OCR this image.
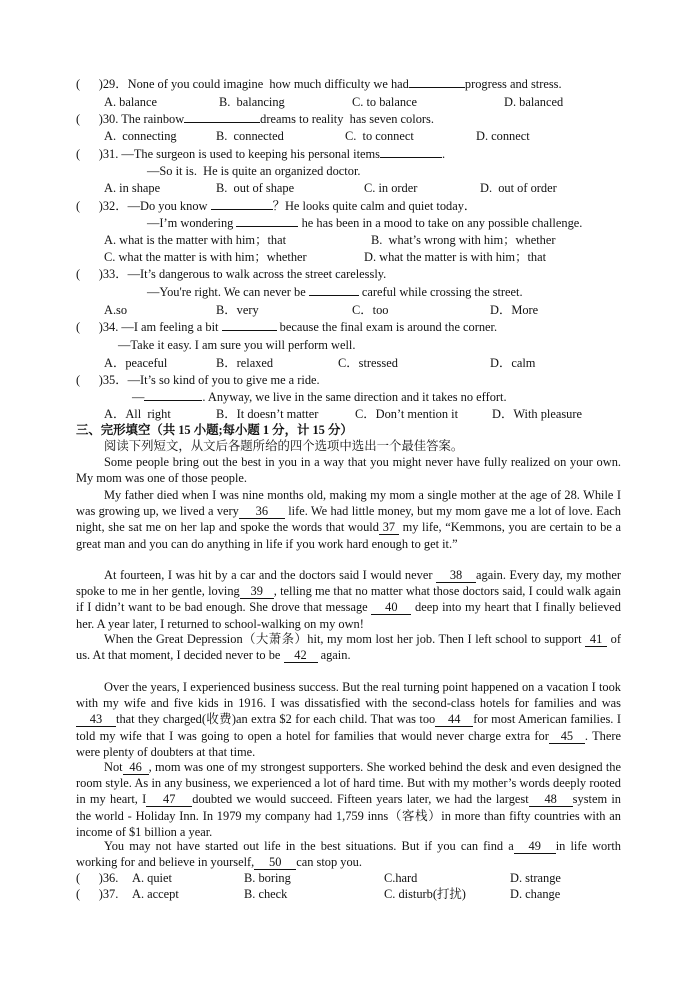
(      )29．None of you could imagine  how much difficulty we had	progress and stress.
A. balance	B.  balancing	C. to balance	D. balanced
(      )30. The rainbow	dreams to reality  has seven colors.
A.  connecting	B.  connected	C.  to connect	D. connect
(      )31. —The surgeon is used to keeping his personal items	.
—So it is.  He is quite an organized doctor.
A. in shape	B.  out of shape	C. in order	D.  out of order
(      )32．—Do you know	？He looks quite calm and quiet today．
—I’m wondering	he has been in a mood to take on any possible challenge.
A. what is the matter with him；that	B.  what’s wrong with him；whether
C. what the matter is with him；whether	D. what the matter is with him；that
(      )33．—It’s dangerous to walk across the street carelessly.
—You're right. We can never be	careful while crossing the street.
A.so	B．very	C．too	D．More
(      )34. —I am feeling a bit	because the final exam is around the corner.
—Take it easy. I am sure you will perform well.
A．peaceful	B．relaxed	C．stressed	D．calm
(      )35．—It’s so kind of you to give me a ride.
—	. Anyway, we live in the same direction and it takes no effort.
A．All  right	B．It doesn’t matter	C．Don’t mention it	D．With pleasure
三、完形填空（共 15 小题;每小题 1 分，计 15 分）
阅读下列短文，从文后各题所给的四个选项中选出一个最佳答案。
Some people bring out the best in you in a way that you might never have fully realized on your own. My mom was one of those people.
My father died when I was nine months old, making my mom a single mother at the age of 28. While I was growing up, we lived a very 36 life. We had little money, but my mom gave me a lot of love. Each night, she sat me on her lap and spoke the words that would 37 my life, “Kemmons, you are certain to be a great man and you can do anything in life if you work hard enough to get it.”
At fourteen, I was hit by a car and the doctors said I would never 38 again. Every day, my mother spoke to me in her gentle, loving 39 , telling me that no matter what those doctors said, I could walk again if I didn’t want to be bad enough. She drove that message 40 deep into my heart that I finally believed her. A year later, I returned to school-walking on my own!
When the Great Depression（大萧条）hit, my mom lost her job. Then I left school to support 41 of us. At that moment, I decided never to be 42 again.
Over the years, I experienced business success. But the real turning point happened on a vacation I took with my wife and five kids in 1916. I was dissatisfied with the second-class hotels for families and was43 that they charged(收费)an extra $2 for each child. That was too 44 for most American families. I told my wife that I was going to open a hotel for families that would never charge extra for 45 . There were plenty of doubters at that time.
Not 46 , mom was one of my strongest supporters. She worked behind the desk and even designed the room style. As in any business, we experienced a lot of hard time. But with my mother’s words deeply rooted in my heart, I 47 doubted we would succeed. Fifteen years later, we had the largest 48 system in the world - Holiday Inn. In 1979 my company had 1,759 inns（客栈）in more than fifty countries with an income of $1 billion a year.
You may not have started out life in the best situations. But if you can find a 49 in life worth working for and believe in yourself, 50 can stop you.
(      )36. A. quiet	B. boring	C.hard	D. strange
(      )37. A. accept	B. check	C. disturb(打扰)	D. change
